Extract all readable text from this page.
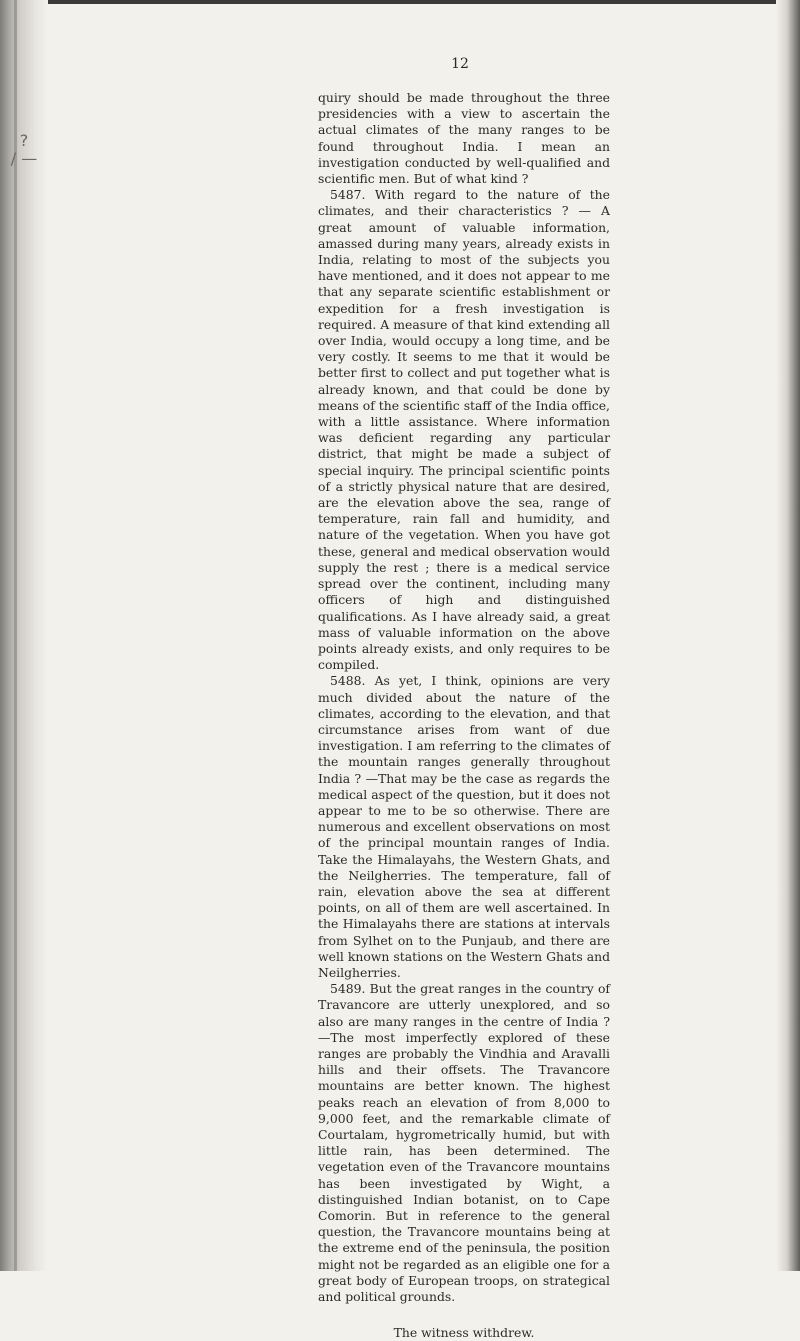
?
/ —
12

quiry should be made throughout the three presidencies with a view to ascertain the actual climates of the many ranges to be found throughout India. I mean an investigation conducted by well-qualified and scientific men. But of what kind ?

5487. With regard to the nature of the climates, and their characteristics ? — A great amount of valuable information, amassed during many years, already exists in India, relating to most of the subjects you have mentioned, and it does not appear to me that any separate scientific establishment or expedition for a fresh investigation is required. A measure of that kind extending all over India, would occupy a long time, and be very costly. It seems to me that it would be better first to collect and put together what is already known, and that could be done by means of the scientific staff of the India office, with a little assistance. Where information was deficient regarding any particular district, that might be made a subject of special inquiry. The principal scientific points of a strictly physical nature that are desired, are the elevation above the sea, range of temperature, rain fall and humidity, and nature of the vegetation. When you have got these, general and medical observation would supply the rest ; there is a medical service spread over the continent, including many officers of high and distinguished qualifications. As I have already said, a great mass of valuable information on the above points already exists, and only requires to be compiled.

5488. As yet, I think, opinions are very much divided about the nature of the climates, according to the elevation, and that circumstance arises from want of due investigation. I am referring to the climates of the mountain ranges generally throughout India ? —That may be the case as regards the medical aspect of the question, but it does not appear to me to be so otherwise. There are numerous and excellent observations on most of the principal mountain ranges of India. Take the Himalayahs, the Western Ghats, and the Neilgherries. The temperature, fall of rain, elevation above the sea at different points, on all of them are well ascertained. In the Himalayahs there are stations at intervals from Sylhet on to the Punjaub, and there are well known stations on the Western Ghats and Neilgherries.

5489. But the great ranges in the country of Travancore are utterly unexplored, and so also are many ranges in the centre of India ?—The most imperfectly explored of these ranges are probably the Vindhia and Aravalli hills and their offsets. The Travancore mountains are better known. The highest peaks reach an elevation of from 8,000 to 9,000 feet, and the remarkable climate of Courtalam, hygrometrically humid, but with little rain, has been determined. The vegetation even of the Travancore mountains has been investigated by Wight, a distinguished Indian botanist, on to Cape Comorin. But in reference to the general question, the Travancore mountains being at the extreme end of the peninsula, the position might not be regarded as an eligible one for a great body of European troops, on strategical and political grounds.

The witness withdrew.
